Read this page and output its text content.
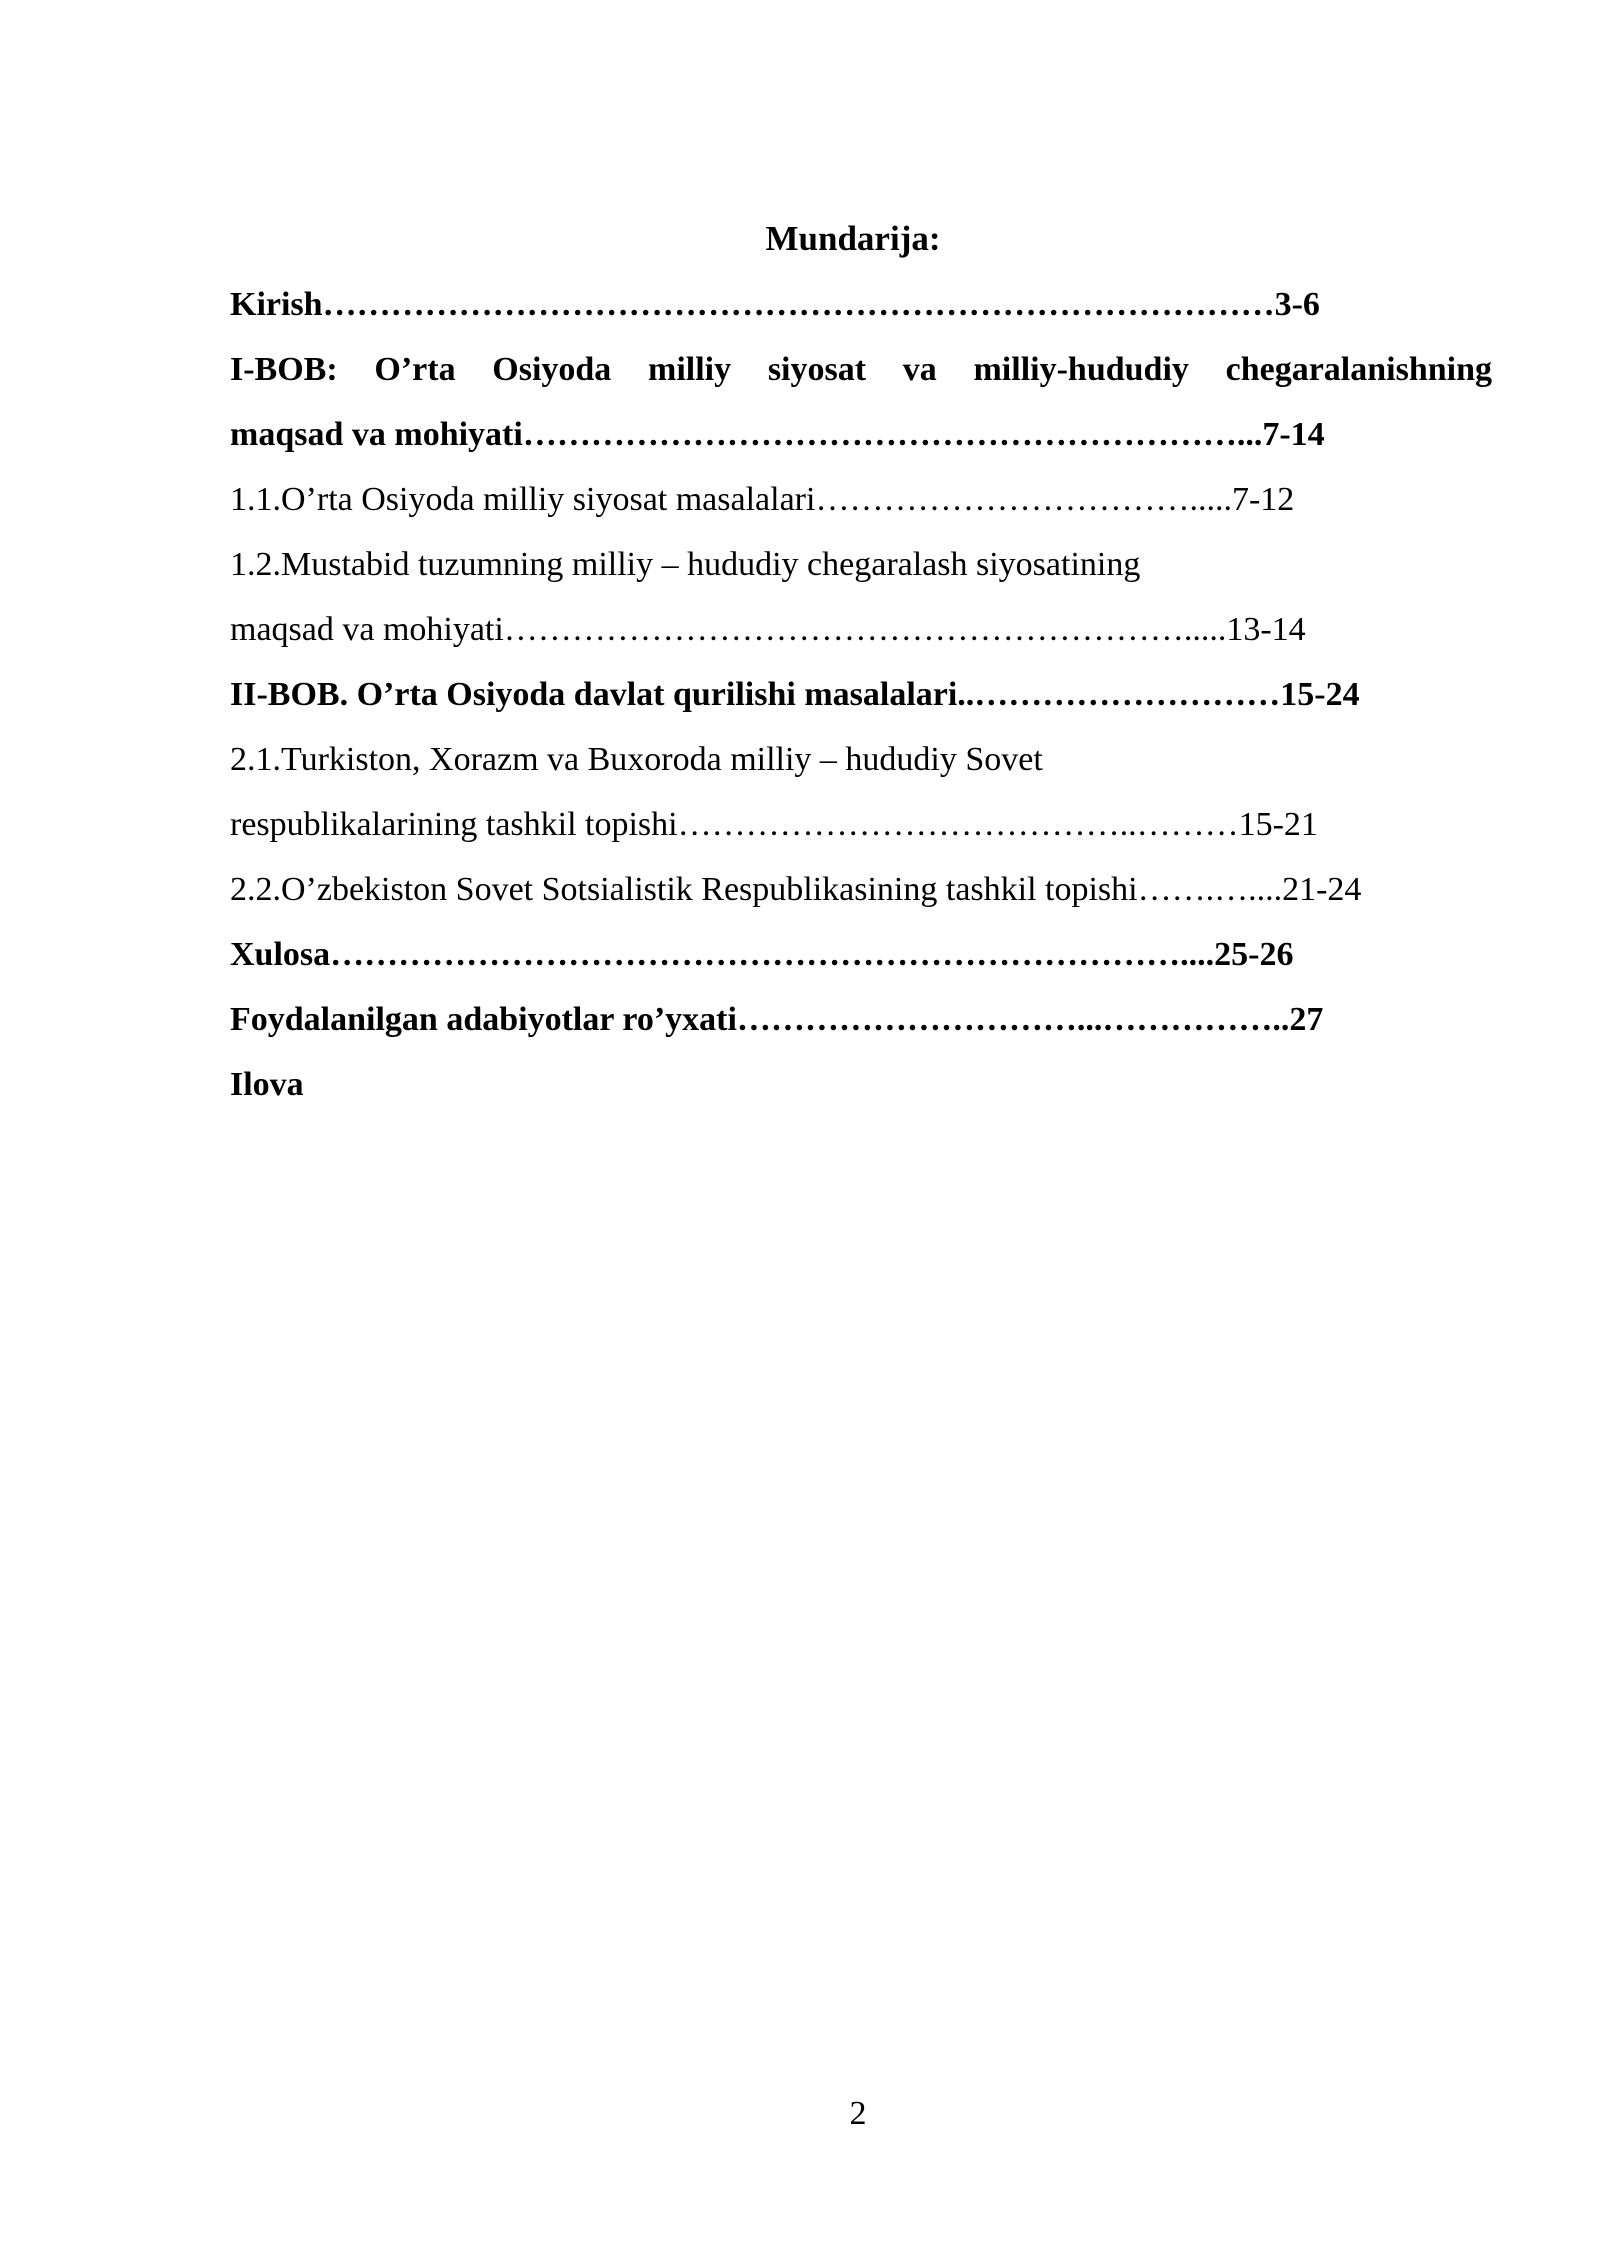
Mundarija:
Kirish…………………………………………………………………………3-6
I-BOB: O’rta Osiyoda milliy siyosat va milliy-hududiy chegaralanishning
maqsad va mohiyati………………………………………………………...7-14
1.1.O’rta Osiyoda milliy siyosat masalalari…………………………….....7-12
1.2.Mustabid tuzumning milliy – hududiy chegaralash siyosatining
maqsad va mohiyati…………………………………………………….....13-14
II-BOB. O’rta Osiyoda davlat qurilishi masalalari..………………………15-24
2.1.Turkiston, Xorazm va Buxoroda milliy – hududiy Sovet
respublikalarining tashkil topishi…………………………………..………15-21
2.2.O’zbekiston Sovet Sotsialistik Respublikasining tashkil topishi…….…....21-24
Xulosa…………………………………………………………………....25-26
Foydalanilgan adabiyotlar ro’yxati…………………………...……………..27
Ilova
2
